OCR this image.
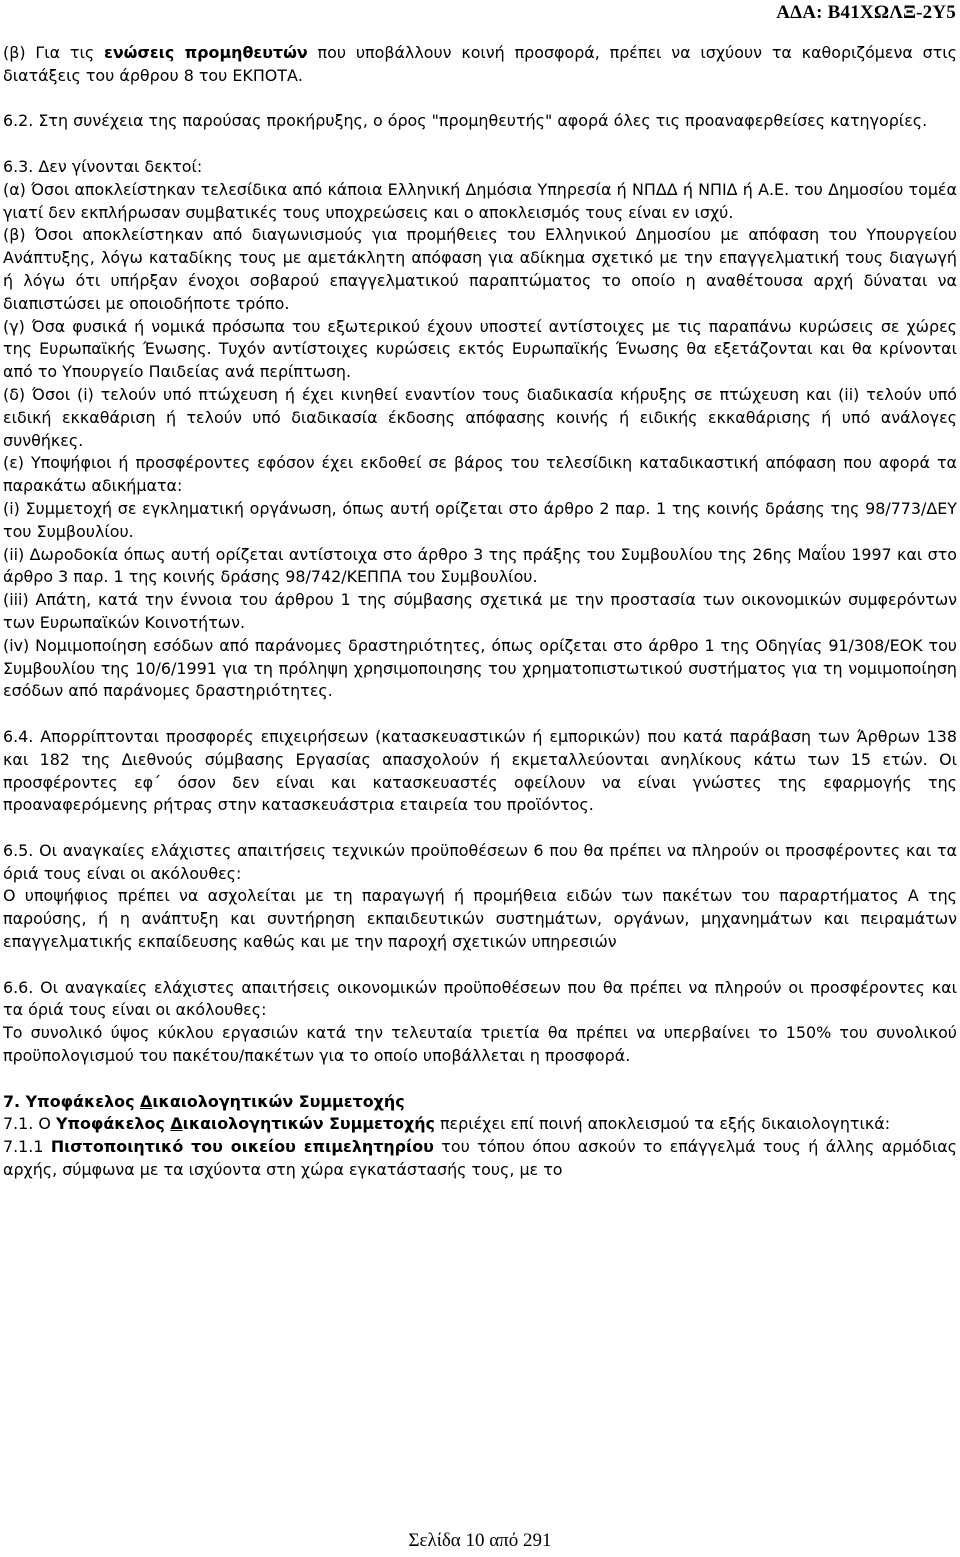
ΑΔΑ: Β41ΧΩΛΞ-2Υ5

(β) Για τις ενώσεις προμηθευτών που υποβάλλουν κοινή προσφορά, πρέπει να ισχύουν τα καθοριζόμενα στις διατάξεις του άρθρου 8 του ΕΚΠΟΤΑ.

6.2. Στη συνέχεια της παρούσας προκήρυξης, ο όρος "προμηθευτής" αφορά όλες τις προαναφερθείσες κατηγορίες.

6.3. Δεν γίνονται δεκτοί:

(α) Όσοι αποκλείστηκαν τελεσίδικα από κάποια Ελληνική Δημόσια Υπηρεσία ή ΝΠΔΔ ή ΝΠΙΔ ή Α.Ε. του Δημοσίου τομέα γιατί δεν εκπλήρωσαν συμβατικές τους υποχρεώσεις και ο αποκλεισμός τους είναι εν ισχύ.

(β) Όσοι αποκλείστηκαν από διαγωνισμούς για προμήθειες του Ελληνικού Δημοσίου με απόφαση του Υπουργείου Ανάπτυξης, λόγω καταδίκης τους με αμετάκλητη απόφαση για αδίκημα σχετικό με την επαγγελματική τους διαγωγή ή λόγω ότι υπήρξαν ένοχοι σοβαρού επαγγελματικού παραπτώματος το οποίο η αναθέτουσα αρχή δύναται να διαπιστώσει με οποιοδήποτε τρόπο.

(γ) Όσα φυσικά ή νομικά πρόσωπα του εξωτερικού έχουν υποστεί αντίστοιχες με τις παραπάνω κυρώσεις σε χώρες της Ευρωπαϊκής Ένωσης. Τυχόν αντίστοιχες κυρώσεις εκτός Ευρωπαϊκής Ένωσης θα εξετάζονται και θα κρίνονται από το Υπουργείο Παιδείας ανά περίπτωση.

(δ) Όσοι (i) τελούν υπό πτώχευση ή έχει κινηθεί εναντίον τους διαδικασία κήρυξης σε πτώχευση και (ii) τελούν υπό ειδική εκκαθάριση ή τελούν υπό διαδικασία έκδοσης απόφασης κοινής ή ειδικής εκκαθάρισης ή υπό ανάλογες συνθήκες.

(ε) Υποψήφιοι ή προσφέροντες εφόσον έχει εκδοθεί σε βάρος του τελεσίδικη καταδικαστική απόφαση που αφορά τα παρακάτω αδικήματα:

(i) Συμμετοχή σε εγκληματική οργάνωση, όπως αυτή ορίζεται στο άρθρο 2 παρ. 1 της κοινής δράσης της 98/773/ΔΕΥ του Συμβουλίου.

(ii) Δωροδοκία όπως αυτή ορίζεται αντίστοιχα στο άρθρο 3 της πράξης του Συμβουλίου της 26ης Μαΐου 1997 και στο άρθρο 3 παρ. 1 της κοινής δράσης 98/742/ΚΕΠΠΑ του Συμβουλίου.

(iii) Απάτη, κατά την έννοια του άρθρου 1 της σύμβασης σχετικά με την προστασία των οικονομικών συμφερόντων των Ευρωπαϊκών Κοινοτήτων.

(iv) Νομιμοποίηση εσόδων από παράνομες δραστηριότητες, όπως ορίζεται στο άρθρο 1 της Οδηγίας 91/308/ΕΟΚ του Συμβουλίου της 10/6/1991 για τη πρόληψη χρησιμοποιησης του χρηματοπιστωτικού συστήματος για τη νομιμοποίηση εσόδων από παράνομες δραστηριότητες.

6.4. Απορρίπτονται προσφορές επιχειρήσεων (κατασκευαστικών ή εμπορικών) που κατά παράβαση των Άρθρων 138 και 182 της Διεθνούς σύμβασης Εργασίας απασχολούν ή εκμεταλλεύονται ανηλίκους κάτω των 15 ετών. Οι προσφέροντες εφ΄ όσον δεν είναι και κατασκευαστές οφείλουν να είναι γνώστες της εφαρμογής της προαναφερόμενης ρήτρας στην κατασκευάστρια εταιρεία του προϊόντος.

6.5. Οι αναγκαίες ελάχιστες απαιτήσεις τεχνικών προϋποθέσεων 6 που θα πρέπει να πληρούν οι προσφέροντες και τα όριά τους είναι οι ακόλουθες:

Ο υποψήφιος πρέπει να ασχολείται με τη παραγωγή ή προμήθεια ειδών των πακέτων του παραρτήματος Α της παρούσης, ή η ανάπτυξη και συντήρηση εκπαιδευτικών συστημάτων, οργάνων, μηχανημάτων και πειραμάτων επαγγελματικής εκπαίδευσης καθώς και με την παροχή σχετικών υπηρεσιών

6.6. Οι αναγκαίες ελάχιστες απαιτήσεις οικονομικών προϋποθέσεων που θα πρέπει να πληρούν οι προσφέροντες και τα όριά τους είναι οι ακόλουθες:

Το συνολικό ύψος κύκλου εργασιών κατά την τελευταία τριετία θα πρέπει να υπερβαίνει το 150% του συνολικού προϋπολογισμού του πακέτου/πακέτων για το οποίο υποβάλλεται η προσφορά.

7. Υποφάκελος Δικαιολογητικών Συμμετοχής

7.1. Ο Υποφάκελος Δικαιολογητικών Συμμετοχής περιέχει επί ποινή αποκλεισμού τα εξής δικαιολογητικά:

7.1.1 Πιστοποιητικό του οικείου επιμελητηρίου του τόπου όπου ασκούν το επάγγελμά τους ή άλλης αρμόδιας αρχής, σύμφωνα με τα ισχύοντα στη χώρα εγκατάστασής τους, με το

Σελίδα 10 από 291
